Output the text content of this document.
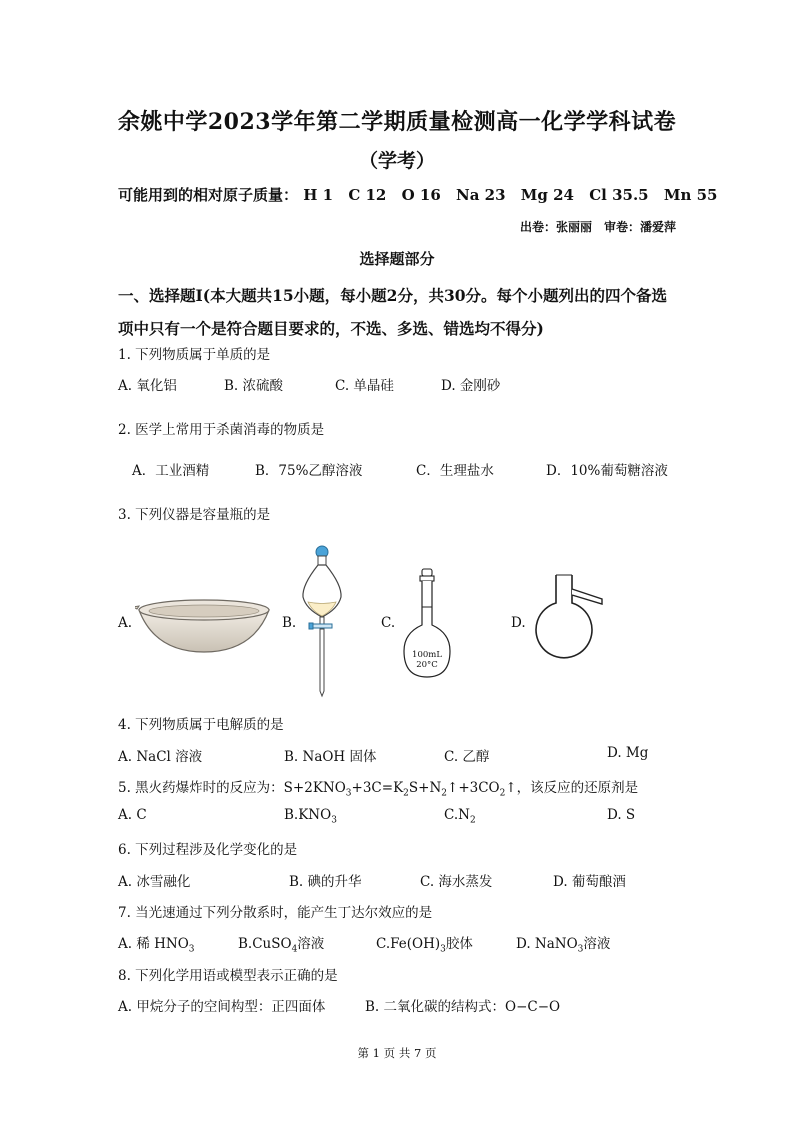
余姚中学2023学年第二学期质量检测高一化学学科试卷
（学考）
可能用到的相对原子质量： H 1 C 12 O 16 Na 23 Mg 24 Cl 35.5 Mn 55
出卷：张丽丽　审卷：潘爱萍
选择题部分
一、选择题Ⅰ(本大题共15小题，每小题2分，共30分。每个小题列出的四个备选项中只有一个是符合题目要求的，不选、多选、错选均不得分)
1. 下列物质属于单质的是
A. 氧化铝	B. 浓硫酸	C. 单晶硅	D. 金刚砂
2. 医学上常用于杀菌消毒的物质是
A．工业酒精	B．75%乙醇溶液	C．生理盐水	D．10%葡萄糖溶液
3. 下列仪器是容量瓶的是
A.	B.	C.	D.
100mL
20°C
4. 下列物质属于电解质的是
A. NaCl 溶液	B. NaOH 固体	C. 乙醇	D. Mg
5. 黑火药爆炸时的反应为：$S+2KNO_3+3C=K_2S+N_2↑+3CO_2↑$，该反应的还原剂是
A. C	$B.KNO_3$	$C.N_2$	D. S
6. 下列过程涉及化学变化的是
A. 冰雪融化	B. 碘的升华	C. 海水蒸发	D. 葡萄酿酒
7. 当光速通过下列分散系时，能产生丁达尔效应的是
A. 稀 $HNO_3$	B.CuSO$_4$溶液	$C.Fe(OH)_3$胶体	D. NaNO$_3$溶液
8. 下列化学用语或模型表示正确的是
A. 甲烷分子的空间构型：正四面体	B. 二氧化碳的结构式：O−C−O
第 1 页 共 7 页
